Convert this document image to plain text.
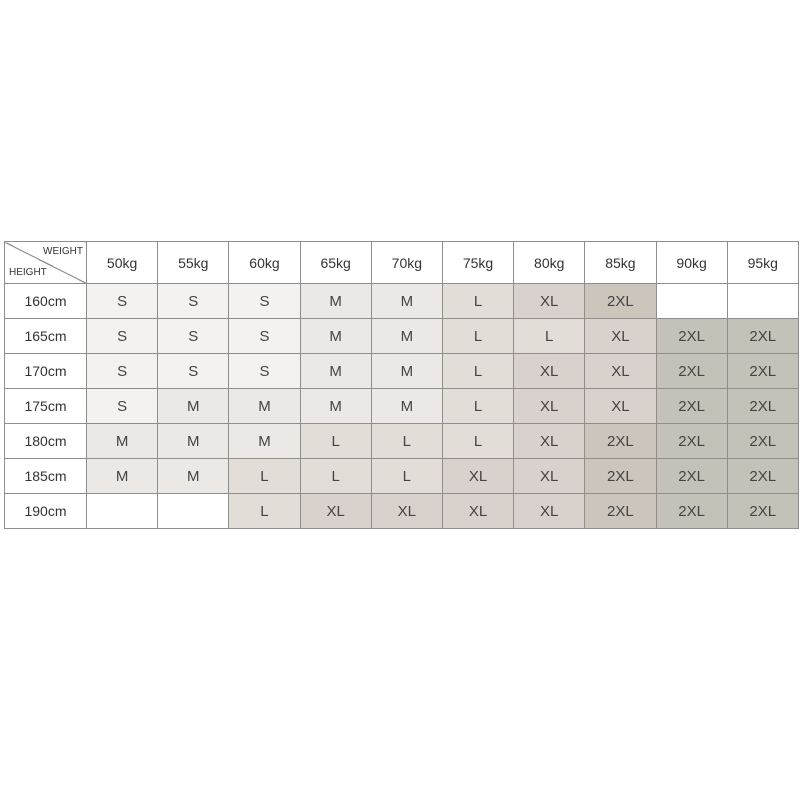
WEIGHT
HEIGHT	50kg	55kg	60kg	65kg	70kg	75kg	80kg	85kg	90kg	95kg
160cm	S	S	S	M	M	L	XL	2XL		
165cm	S	S	S	M	M	L	L	XL	2XL	2XL
170cm	S	S	S	M	M	L	XL	XL	2XL	2XL
175cm	S	M	M	M	M	L	XL	XL	2XL	2XL
180cm	M	M	M	L	L	L	XL	2XL	2XL	2XL
185cm	M	M	L	L	L	XL	XL	2XL	2XL	2XL
190cm			L	XL	XL	XL	XL	2XL	2XL	2XL
